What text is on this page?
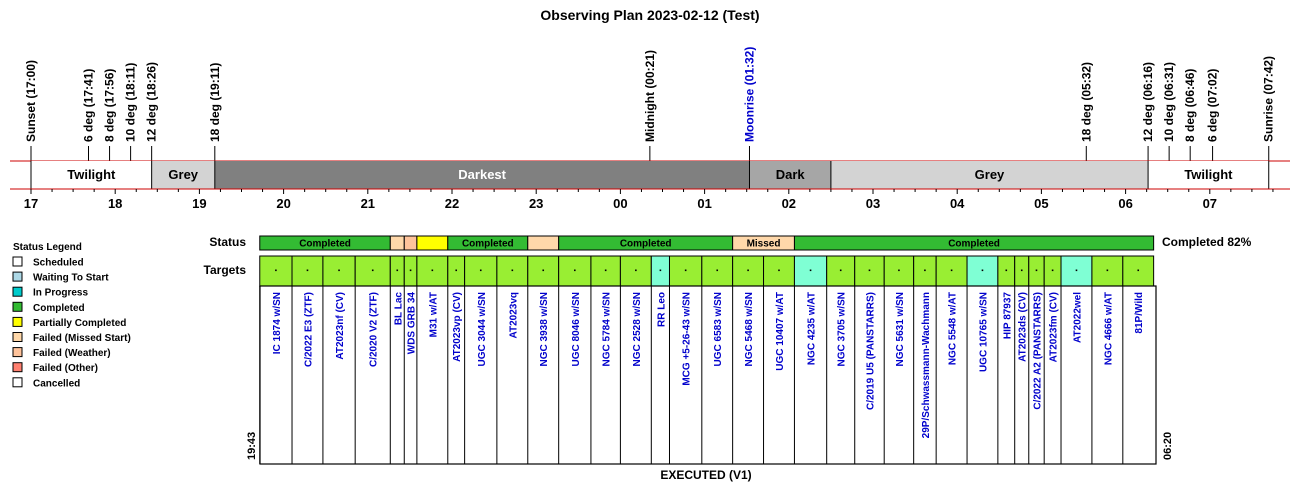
Observing Plan 2023-02-12 (Test)
Sunset (17:00)	6 deg (17:41) 8 deg (17:56) 10 deg (18:11) 12 deg (18:26)	18 deg (19:11)	Midnight (00:21)	Moonrise (01:32)	18 deg (05:32)	12 deg (06:16) 10 deg (06:31) 8 deg (06:46) 6 deg (07:02)	Sunrise (07:42)
Twilight	Grey	Darkest	Dark	Grey	Twilight
17	18	19	20	21	22	23	00	01	02	03	04	05	06	07
Status Legend
Scheduled
Waiting To Start
In Progress
Completed
Partially Completed
Failed (Missed Start)
Failed (Weather)
Failed (Other)
Cancelled
Status
Targets
Completed	Completed	Completed	Missed	Completed	Completed 82%
IC 1874 w/SN C/2022 E3 (ZTF) AT2023nf (CV) C/2020 V2 (ZTF) BL Lac WDS GRB 34 M31 w/AT AT2023vp (CV) UGC 3044 w/SN AT2023vq NGC 3938 w/SN UGC 8046 w/SN NGC 5784 w/SN NGC 2528 w/SN RR Leo MCG +5-26-43 w/SN UGC 6583 w/SN NGC 5468 w/SN UGC 10407 w/AT NGC 4235 w/AT NGC 3705 w/SN C/2019 U5 (PANSTARRS) NGC 5631 w/SN 29P/Schwassmann-Wachmann NGC 5548 w/AT UGC 10765 w/SN HIP 87937 AT2023ds (CV) C/2022 A2 (PANSTARRS) AT2023fm (CV) AT2022wel NGC 4666 w/AT 81P/Wild
19:43	06:20
EXECUTED (V1)
